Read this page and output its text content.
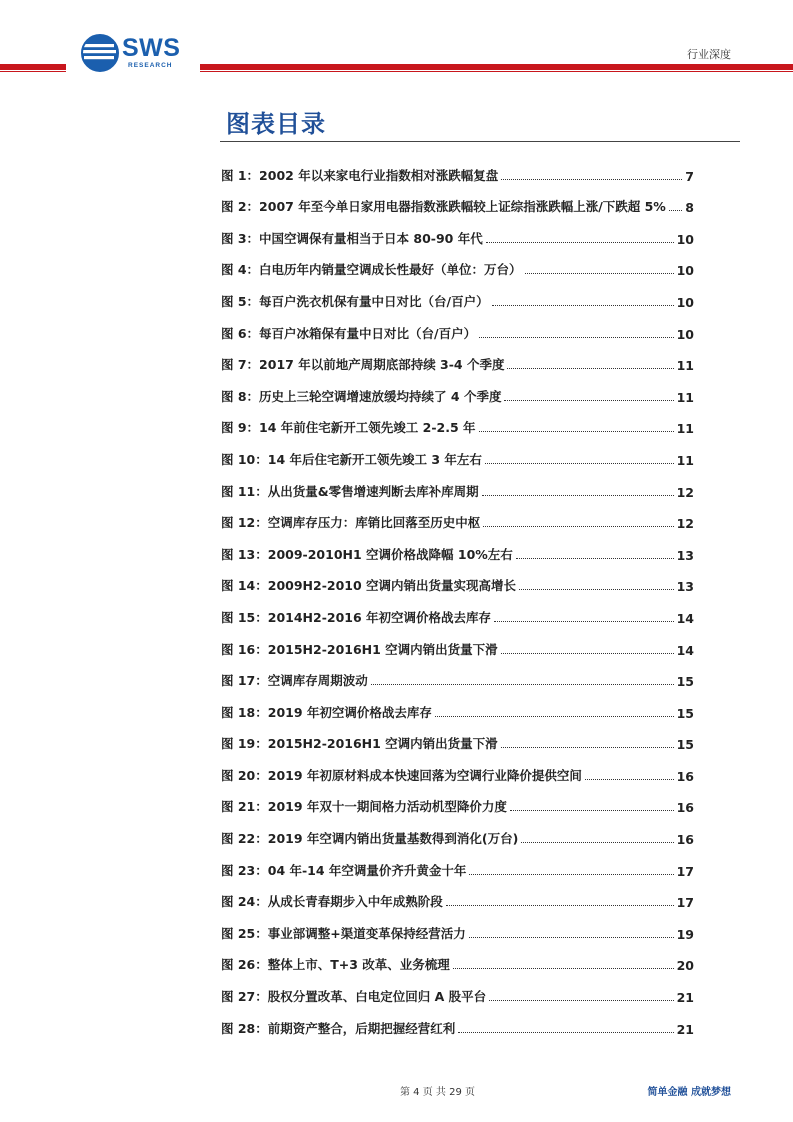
SWS
RESEARCH
行业深度
图表目录
图 1：2002 年以来家电行业指数相对涨跌幅复盘	7
图 2：2007 年至今单日家用电器指数涨跌幅较上证综指涨跌幅上涨/下跌超 5% 8
图 3：中国空调保有量相当于日本 80-90 年代	10
图 4：白电历年内销量空调成长性最好（单位：万台）	10
图 5：每百户洗衣机保有量中日对比（台/百户）	10
图 6：每百户冰箱保有量中日对比（台/百户）	10
图 7：2017 年以前地产周期底部持续 3-4 个季度	11
图 8：历史上三轮空调增速放缓均持续了 4 个季度	11
图 9：14 年前住宅新开工领先竣工 2-2.5 年	11
图 10：14 年后住宅新开工领先竣工 3 年左右	11
图 11：从出货量&零售增速判断去库补库周期	12
图 12：空调库存压力：库销比回落至历史中枢	12
图 13：2009-2010H1 空调价格战降幅 10%左右	13
图 14：2009H2-2010 空调内销出货量实现高增长	13
图 15：2014H2-2016 年初空调价格战去库存	14
图 16：2015H2-2016H1 空调内销出货量下滑	14
图 17：空调库存周期波动	15
图 18：2019 年初空调价格战去库存	15
图 19：2015H2-2016H1 空调内销出货量下滑	15
图 20：2019 年初原材料成本快速回落为空调行业降价提供空间	16
图 21：2019 年双十一期间格力活动机型降价力度	16
图 22：2019 年空调内销出货量基数得到消化(万台)	16
图 23：04 年-14 年空调量价齐升黄金十年	17
图 24：从成长青春期步入中年成熟阶段	17
图 25：事业部调整+渠道变革保持经营活力	19
图 26：整体上市、T+3 改革、业务梳理	20
图 27：股权分置改革、白电定位回归 A 股平台	21
图 28：前期资产整合，后期把握经营红利	21
第 4 页 共 29 页	简单金融 成就梦想
